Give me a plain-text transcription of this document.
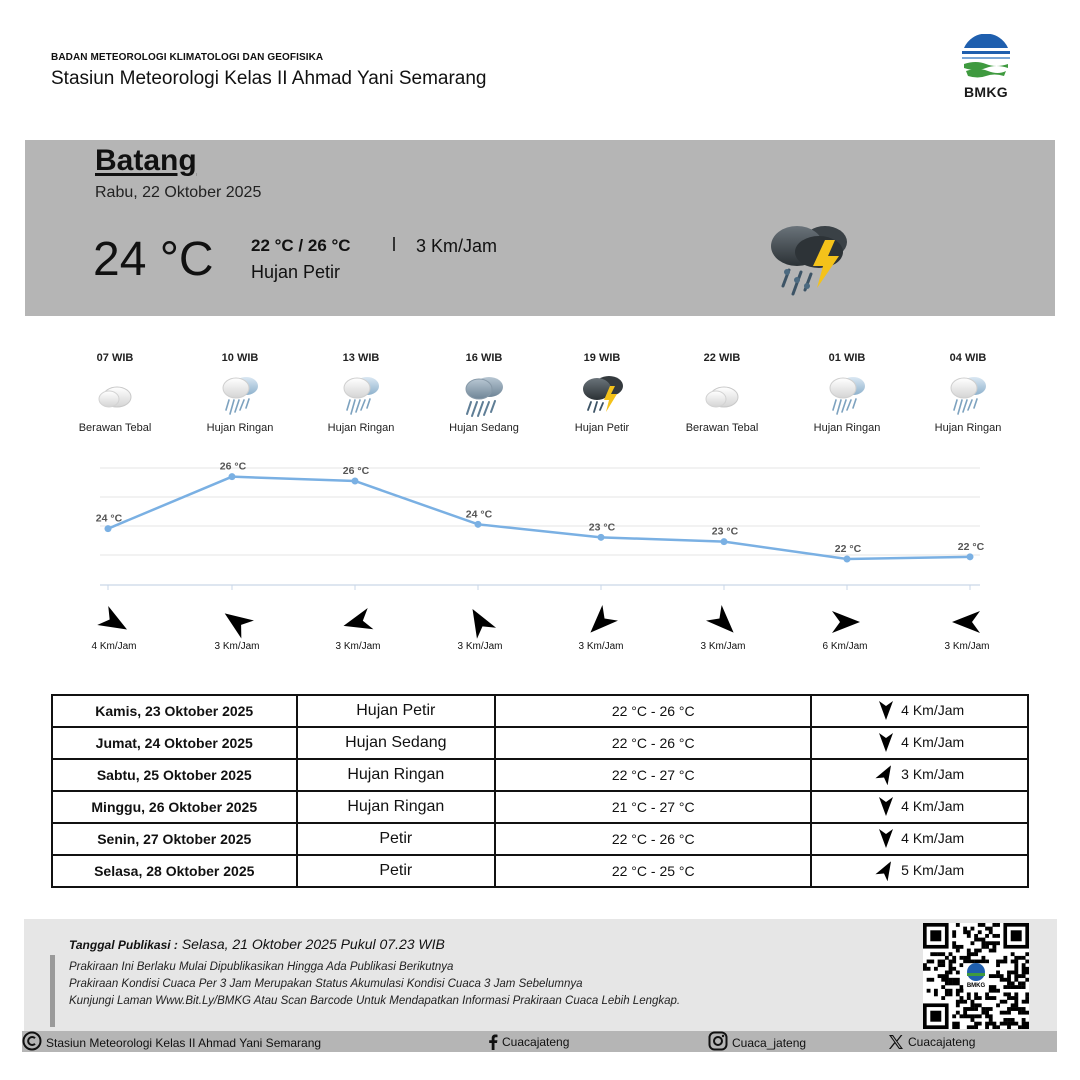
BADAN METEOROLOGI KLIMATOLOGI DAN GEOFISIKA
Stasiun Meteorologi Kelas II Ahmad Yani Semarang
BMKG
Batang
Rabu, 22 Oktober 2025
24 °C 22 °C / 26 °C	3 Km/Jam
Hujan Petir
07 WIB
Berawan Tebal
10 WIB
Hujan Ringan
13 WIB
Hujan Ringan
16 WIB
Hujan Sedang
19 WIB
Hujan Petir
22 WIB
Berawan Tebal
01 WIB
Hujan Ringan
04 WIB
Hujan Ringan
24 °C
26 °C	26 °C
24 °C
23 °C	23 °C
22 °C	22 °C
4 Km/Jam	3 Km/Jam	3 Km/Jam	3 Km/Jam	3 Km/Jam	3 Km/Jam	6 Km/Jam	3 Km/Jam
Kamis, 23 Oktober 2025	Hujan Petir	22 °C - 26 °C	4 Km/Jam

Jumat, 24 Oktober 2025	Hujan Sedang	22 °C - 26 °C	4 Km/Jam

Sabtu, 25 Oktober 2025	Hujan Ringan	22 °C - 27 °C	3 Km/Jam

Minggu, 26 Oktober 2025	Hujan Ringan	21 °C - 27 °C	4 Km/Jam

Senin, 27 Oktober 2025	Petir	22 °C - 26 °C	4 Km/Jam

Selasa, 28 Oktober 2025	Petir	22 °C - 25 °C	5 Km/Jam
Tanggal Publikasi : Selasa, 21 Oktober 2025 Pukul 07.23 WIB
Prakiraan Ini Berlaku Mulai Dipublikasikan Hingga Ada Publikasi Berikutnya
Prakiraan Kondisi Cuaca Per 3 Jam Merupakan Status Akumulasi Kondisi Cuaca 3 Jam Sebelumnya
Kunjungi Laman Www.Bit.Ly/BMKG Atau Scan Barcode Untuk Mendapatkan Informasi Prakiraan Cuaca Lebih Lengkap.
BMKG
Stasiun Meteorologi Kelas II Ahmad Yani Semarang	Cuacajateng	Cuaca_jateng	Cuacajateng
